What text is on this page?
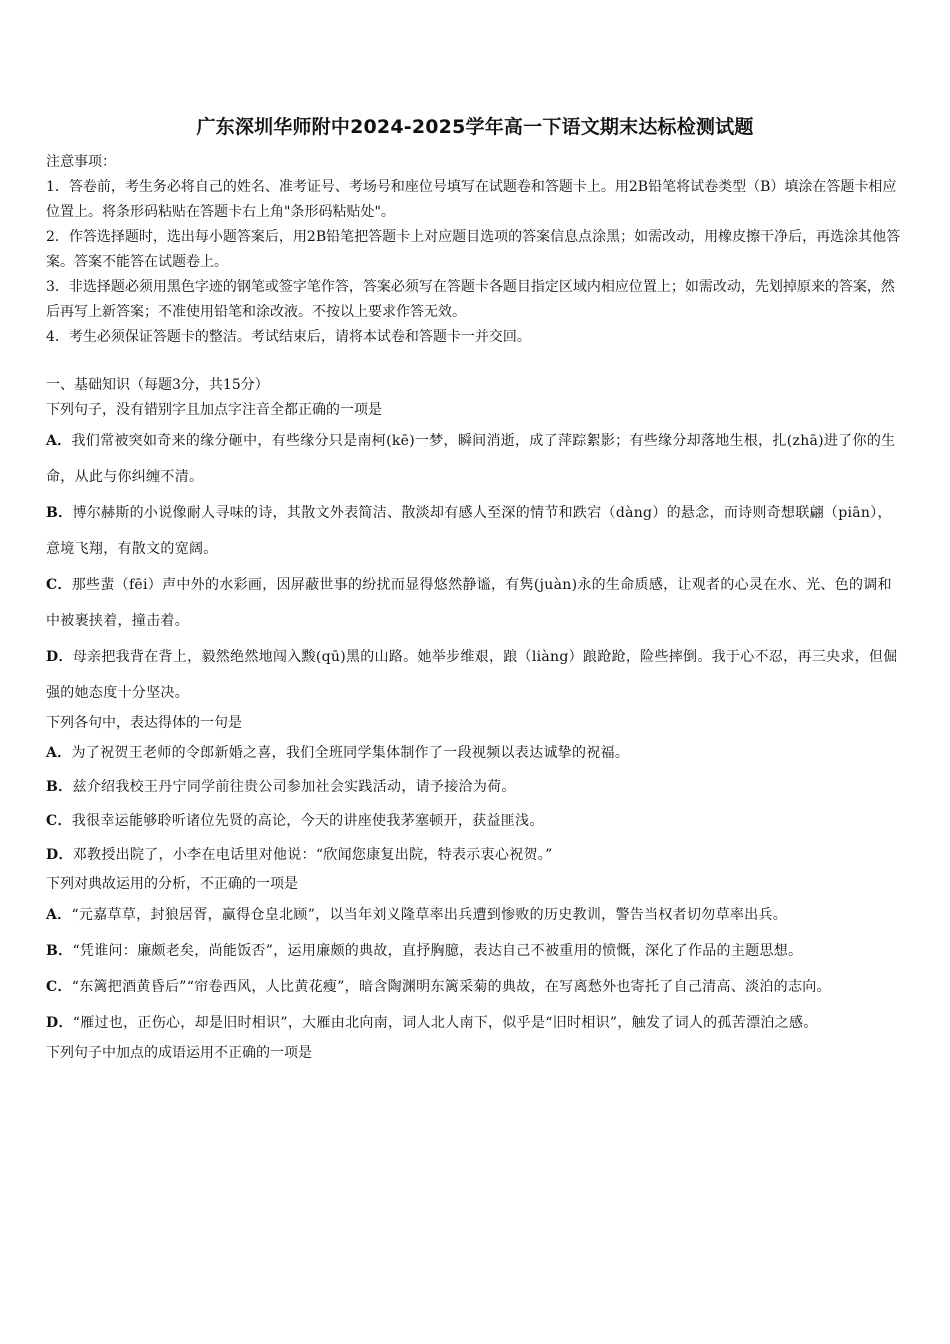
广东深圳华师附中2024-2025学年高一下语文期末达标检测试题

注意事项：

1．答卷前，考生务必将自己的姓名、准考证号、考场号和座位号填写在试题卷和答题卡上。用2B铅笔将试卷类型（B）填涂在答题卡相应位置上。将条形码粘贴在答题卡右上角"条形码粘贴处"。

2．作答选择题时，选出每小题答案后，用2B铅笔把答题卡上对应题目选项的答案信息点涂黑；如需改动，用橡皮擦干净后，再选涂其他答案。答案不能答在试题卷上。

3．非选择题必须用黑色字迹的钢笔或签字笔作答，答案必须写在答题卡各题目指定区域内相应位置上；如需改动，先划掉原来的答案，然后再写上新答案；不准使用铅笔和涂改液。不按以上要求作答无效。

4．考生必须保证答题卡的整洁。考试结束后，请将本试卷和答题卡一并交回。

一、基础知识（每题3分，共15分）

下列句子，没有错别字且加点字注音全都正确的一项是

A．我们常被突如奇来的缘分砸中，有些缘分只是南柯(kē)一梦，瞬间消逝，成了萍踪絮影；有些缘分却落地生根，扎(zhā)进了你的生命，从此与你纠缠不清。

B．博尔赫斯的小说像耐人寻味的诗，其散文外表简洁、散淡却有感人至深的情节和跌宕（dàng）的悬念，而诗则奇想联翩（piān），意境飞翔，有散文的宽阔。

C．那些蜚（fēi）声中外的水彩画，因屏蔽世事的纷扰而显得悠然静谧，有隽(juàn)永的生命质感，让观者的心灵在水、光、色的调和中被裹挟着，撞击着。

D．母亲把我背在背上，毅然绝然地闯入黢(qū)黑的山路。她举步维艰，踉（liàng）踉跄跄，险些摔倒。我于心不忍，再三央求，但倔强的她态度十分坚决。

下列各句中，表达得体的一句是

A．为了祝贺王老师的令郎新婚之喜，我们全班同学集体制作了一段视频以表达诚挚的祝福。

B．兹介绍我校王丹宁同学前往贵公司参加社会实践活动，请予接洽为荷。

C．我很幸运能够聆听诸位先贤的高论，今天的讲座使我茅塞顿开，获益匪浅。

D．邓教授出院了，小李在电话里对他说：“欣闻您康复出院，特表示衷心祝贺。”

下列对典故运用的分析，不正确的一项是

A．“元嘉草草，封狼居胥，赢得仓皇北顾”，以当年刘义隆草率出兵遭到惨败的历史教训，警告当权者切勿草率出兵。

B．“凭谁问：廉颇老矣，尚能饭否”，运用廉颇的典故，直抒胸臆，表达自己不被重用的愤慨，深化了作品的主题思想。

C．“东篱把酒黄昏后”“帘卷西风，人比黄花瘦”，暗含陶渊明东篱采菊的典故，在写离愁外也寄托了自己清高、淡泊的志向。

D．“雁过也，正伤心，却是旧时相识”，大雁由北向南，词人北人南下，似乎是“旧时相识”，触发了词人的孤苦漂泊之感。

下列句子中加点的成语运用不正确的一项是
